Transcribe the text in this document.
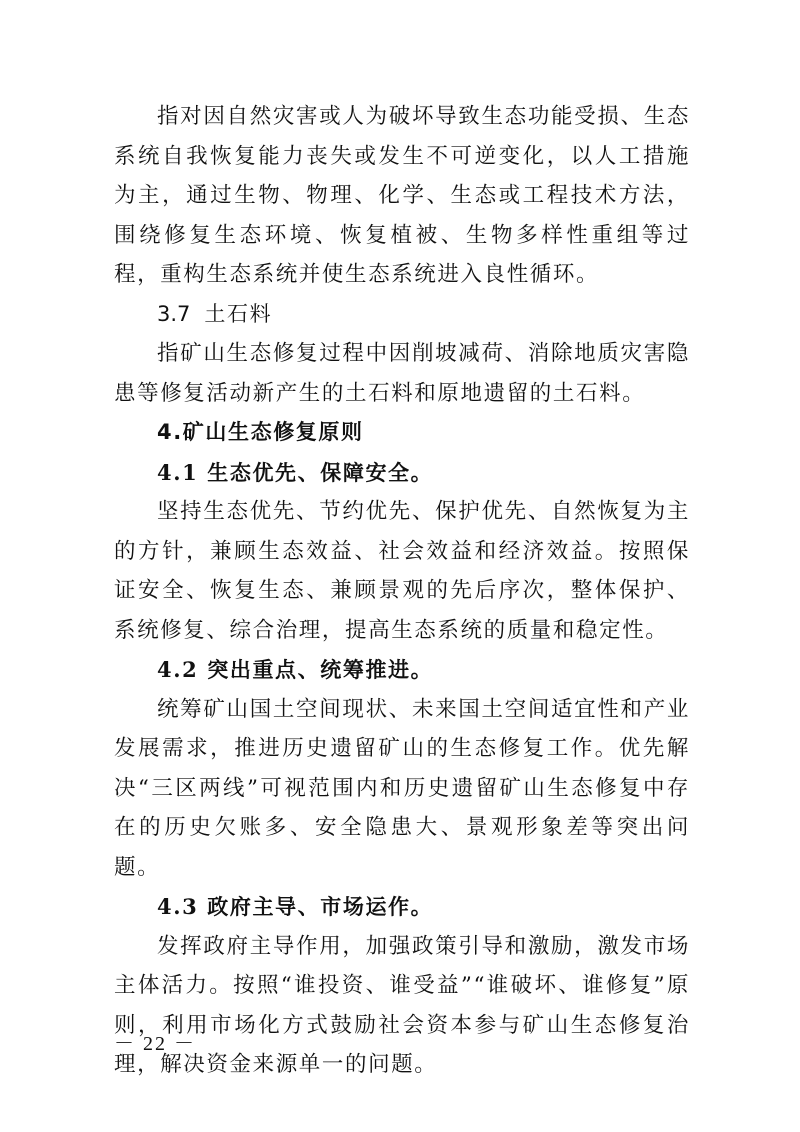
指对因自然灾害或人为破坏导致生态功能受损、生态系统自我恢复能力丧失或发生不可逆变化，以人工措施为主，通过生物、物理、化学、生态或工程技术方法，围绕修复生态环境、恢复植被、生物多样性重组等过程，重构生态系统并使生态系统进入良性循环。

3.7 土石料

指矿山生态修复过程中因削坡减荷、消除地质灾害隐患等修复活动新产生的土石料和原地遗留的土石料。

4.矿山生态修复原则

4.1 生态优先、保障安全。

坚持生态优先、节约优先、保护优先、自然恢复为主的方针，兼顾生态效益、社会效益和经济效益。按照保证安全、恢复生态、兼顾景观的先后序次，整体保护、系统修复、综合治理，提高生态系统的质量和稳定性。

4.2 突出重点、统筹推进。

统筹矿山国土空间现状、未来国土空间适宜性和产业发展需求，推进历史遗留矿山的生态修复工作。优先解决“三区两线”可视范围内和历史遗留矿山生态修复中存在的历史欠账多、安全隐患大、景观形象差等突出问题。

4.3 政府主导、市场运作。

发挥政府主导作用，加强政策引导和激励，激发市场主体活力。按照“谁投资、谁受益”“谁破坏、谁修复”原则，利用市场化方式鼓励社会资本参与矿山生态修复治理，解决资金来源单一的问题。

－ 22 －
